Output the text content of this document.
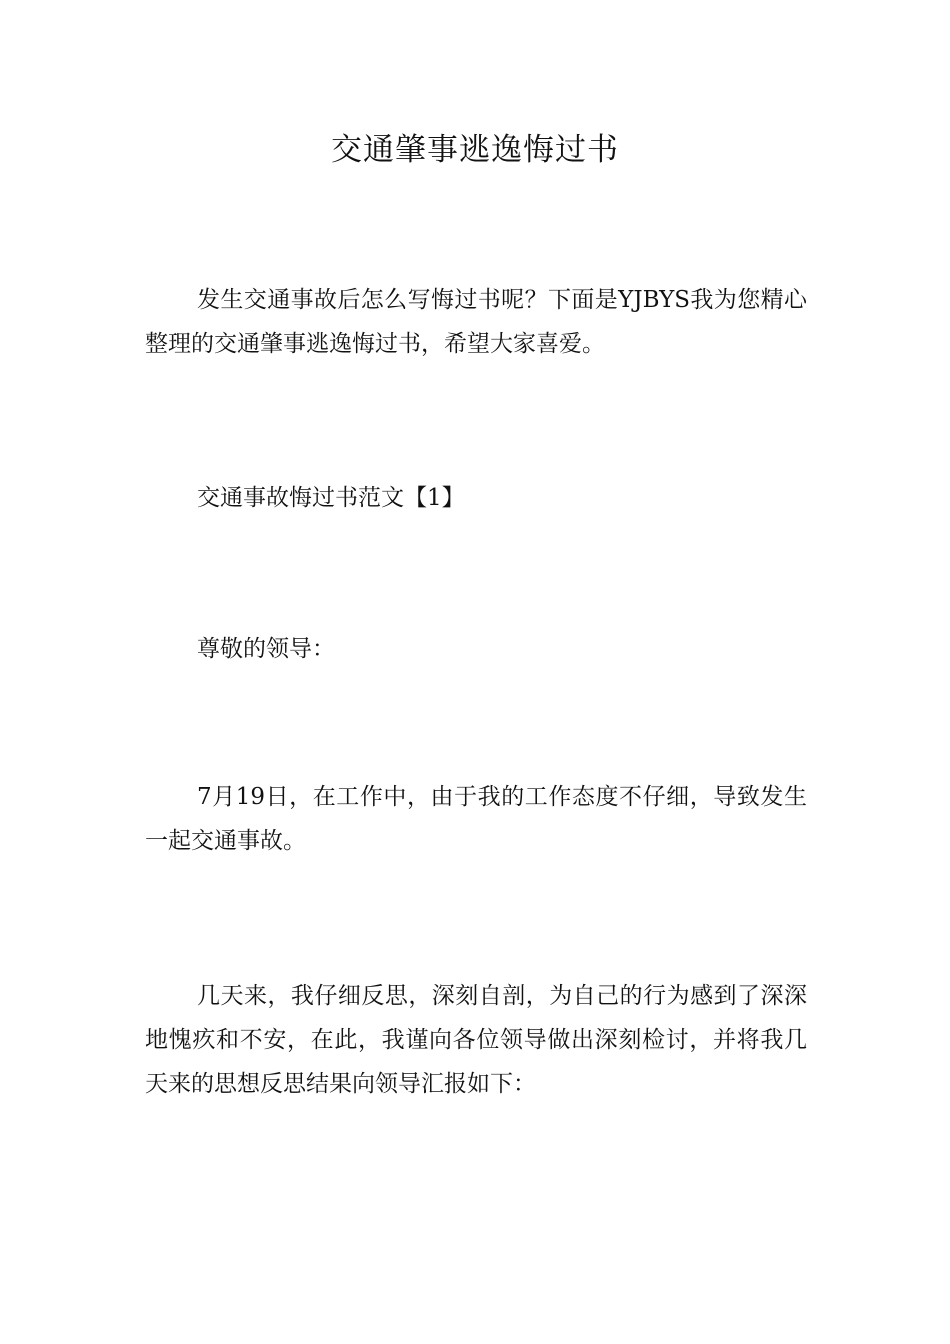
交通肇事逃逸悔过书

发生交通事故后怎么写悔过书呢？下面是YJBYS我为您精心整理的交通肇事逃逸悔过书，希望大家喜爱。

交通事故悔过书范文【1】

尊敬的领导：

7月19日，在工作中，由于我的工作态度不仔细，导致发生一起交通事故。

几天来，我仔细反思，深刻自剖，为自己的行为感到了深深地愧疚和不安，在此，我谨向各位领导做出深刻检讨，并将我几天来的思想反思结果向领导汇报如下：
